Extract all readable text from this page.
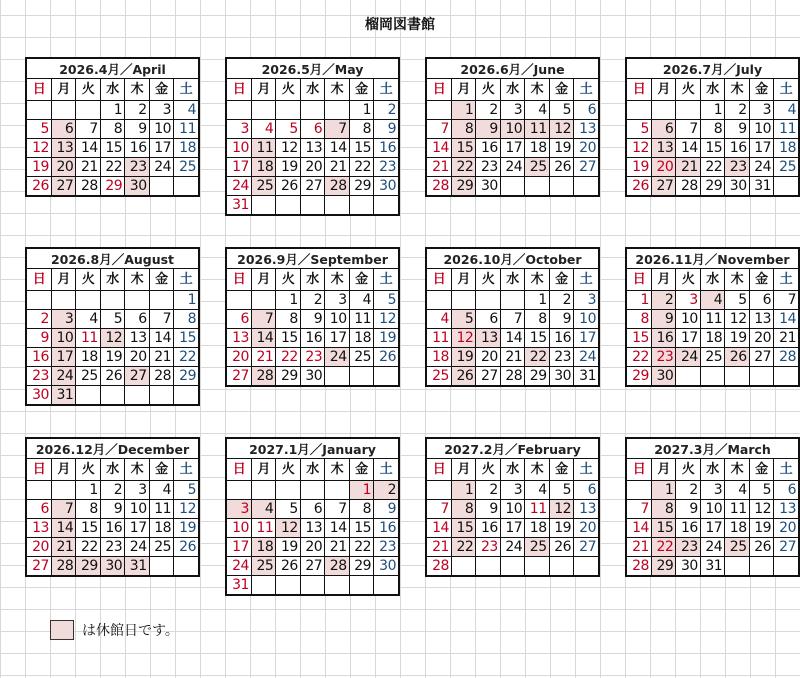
榴岡図書館
2026.4月／April						
日	月	火	水	木	金	土
			1	2	3	4
5	6	7	8	9	10	11
12	13	14	15	16	17	18
19	20	21	22	23	24	25
26	27	28	29	30		
2026.5月／May						
日	月	火	水	木	金	土
					1	2
3	4	5	6	7	8	9
10	11	12	13	14	15	16
17	18	19	20	21	22	23
24	25	26	27	28	29	30
31						
2026.6月／June						
日	月	火	水	木	金	土
	1	2	3	4	5	6
7	8	9	10	11	12	13
14	15	16	17	18	19	20
21	22	23	24	25	26	27
28	29	30				
2026.7月／July						
日	月	火	水	木	金	土
			1	2	3	4
5	6	7	8	9	10	11
12	13	14	15	16	17	18
19	20	21	22	23	24	25
26	27	28	29	30	31	
2026.8月／August						
日	月	火	水	木	金	土
						1
2	3	4	5	6	7	8
9	10	11	12	13	14	15
16	17	18	19	20	21	22
23	24	25	26	27	28	29
30	31					
2026.9月／September						
日	月	火	水	木	金	土
		1	2	3	4	5
6	7	8	9	10	11	12
13	14	15	16	17	18	19
20	21	22	23	24	25	26
27	28	29	30			
2026.10月／October						
日	月	火	水	木	金	土
				1	2	3
4	5	6	7	8	9	10
11	12	13	14	15	16	17
18	19	20	21	22	23	24
25	26	27	28	29	30	31
2026.11月／November						
日	月	火	水	木	金	土
1	2	3	4	5	6	7
8	9	10	11	12	13	14
15	16	17	18	19	20	21
22	23	24	25	26	27	28
29	30					
2026.12月／December						
日	月	火	水	木	金	土
		1	2	3	4	5
6	7	8	9	10	11	12
13	14	15	16	17	18	19
20	21	22	23	24	25	26
27	28	29	30	31		
2027.1月／January						
日	月	火	水	木	金	土
					1	2
3	4	5	6	7	8	9
10	11	12	13	14	15	16
17	18	19	20	21	22	23
24	25	26	27	28	29	30
31						
2027.2月／February						
日	月	火	水	木	金	土
	1	2	3	4	5	6
7	8	9	10	11	12	13
14	15	16	17	18	19	20
21	22	23	24	25	26	27
28						
2027.3月／March						
日	月	火	水	木	金	土
	1	2	3	4	5	6
7	8	9	10	11	12	13
14	15	16	17	18	19	20
21	22	23	24	25	26	27
28	29	30	31			
は休館日です。
